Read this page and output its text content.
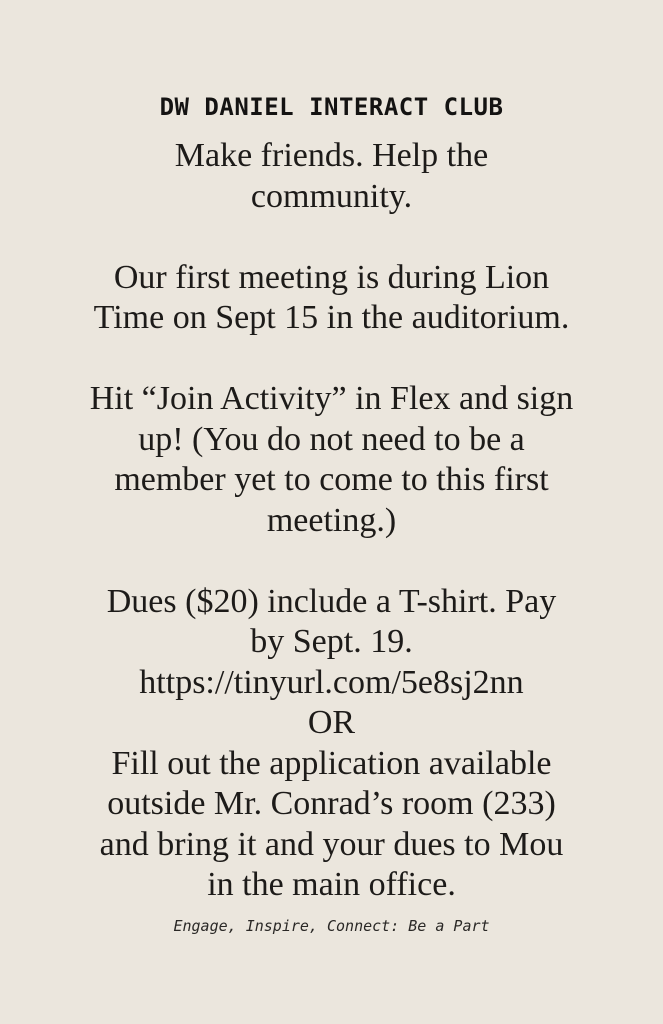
DW DANIEL INTERACT CLUB
Make friends. Help the
community.
Our first meeting is during Lion
Time on Sept 15 in the auditorium.
Hit “Join Activity” in Flex and sign
up! (You do not need to be a
member yet to come to this first
meeting.)
Dues ($20) include a T-shirt. Pay
by Sept. 19.
https://tinyurl.com/5e8sj2nn
OR
Fill out the application available
outside Mr. Conrad’s room (233)
and bring it and your dues to Mou
in the main office.
Engage, Inspire, Connect: Be a Part
